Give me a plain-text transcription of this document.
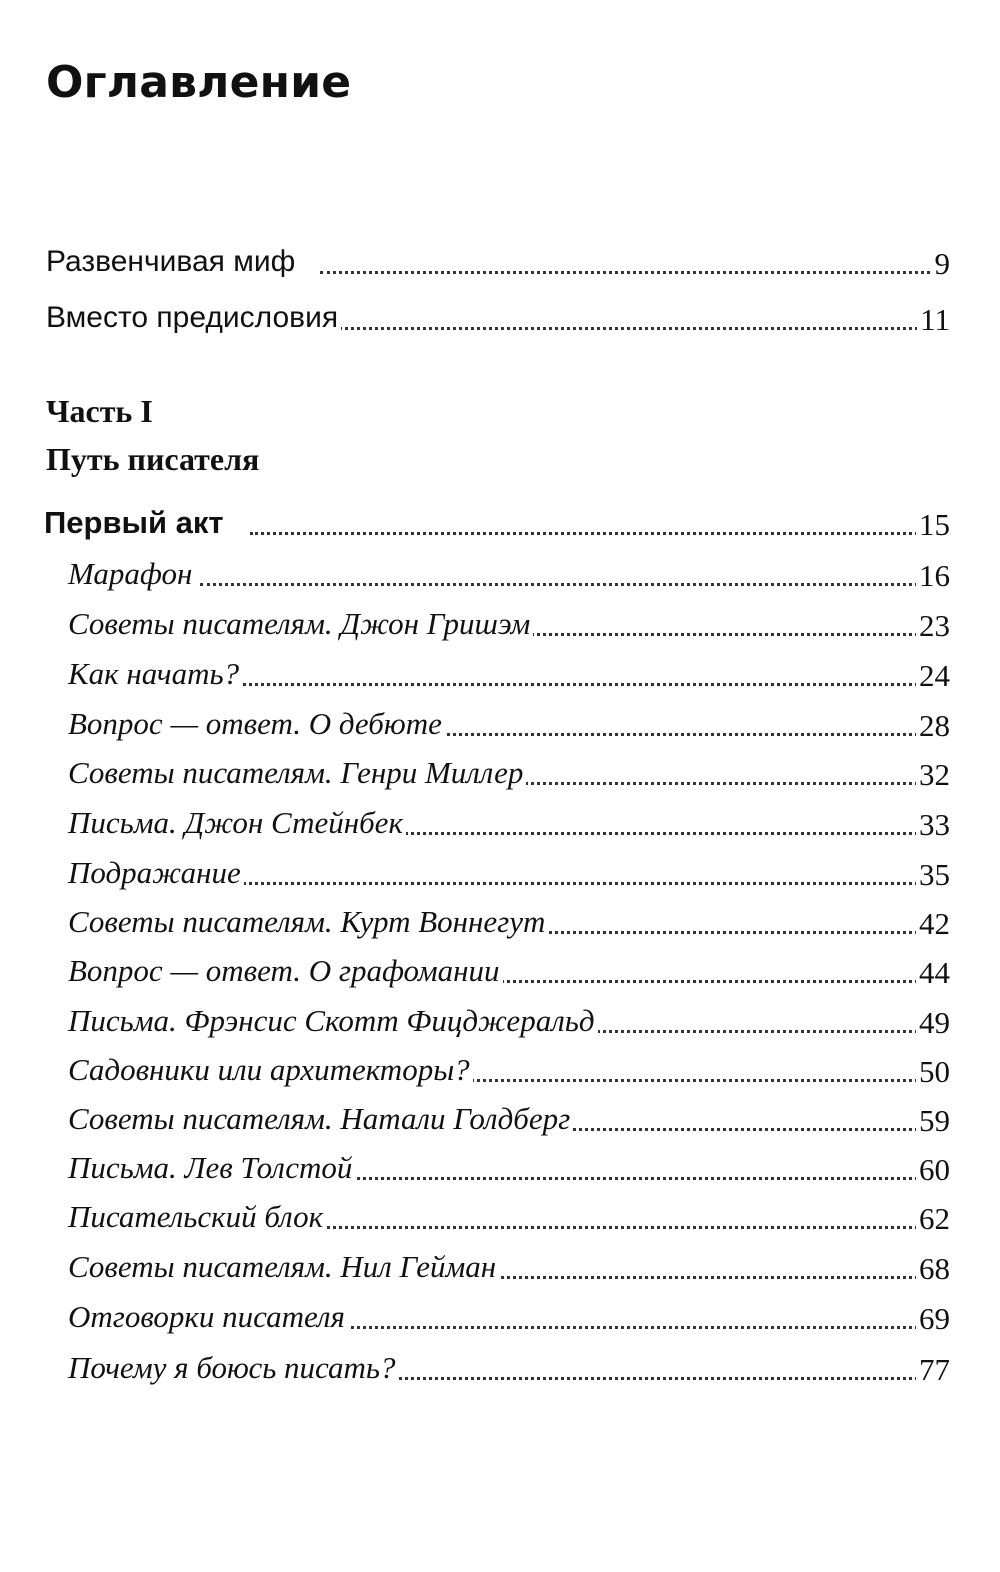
Оглавление
Развенчивая миф	9
Вместо предисловия	11
Часть I
Путь писателя
Первый акт	15
Марафон	16
Советы писателям. Джон Гришэм	23
Как начать?	24
Вопрос — ответ. О дебюте	28
Советы писателям. Генри Миллер	32
Письма. Джон Стейнбек	33
Подражание	35
Советы писателям. Курт Воннегут	42
Вопрос — ответ. О графомании	44
Письма. Фрэнсис Скотт Фицджеральд	49
Садовники или архитекторы?	50
Советы писателям. Натали Голдберг	59
Письма. Лев Толстой	60
Писательский блок	62
Советы писателям. Нил Гейман	68
Отговорки писателя	69
Почему я боюсь писать?	77
